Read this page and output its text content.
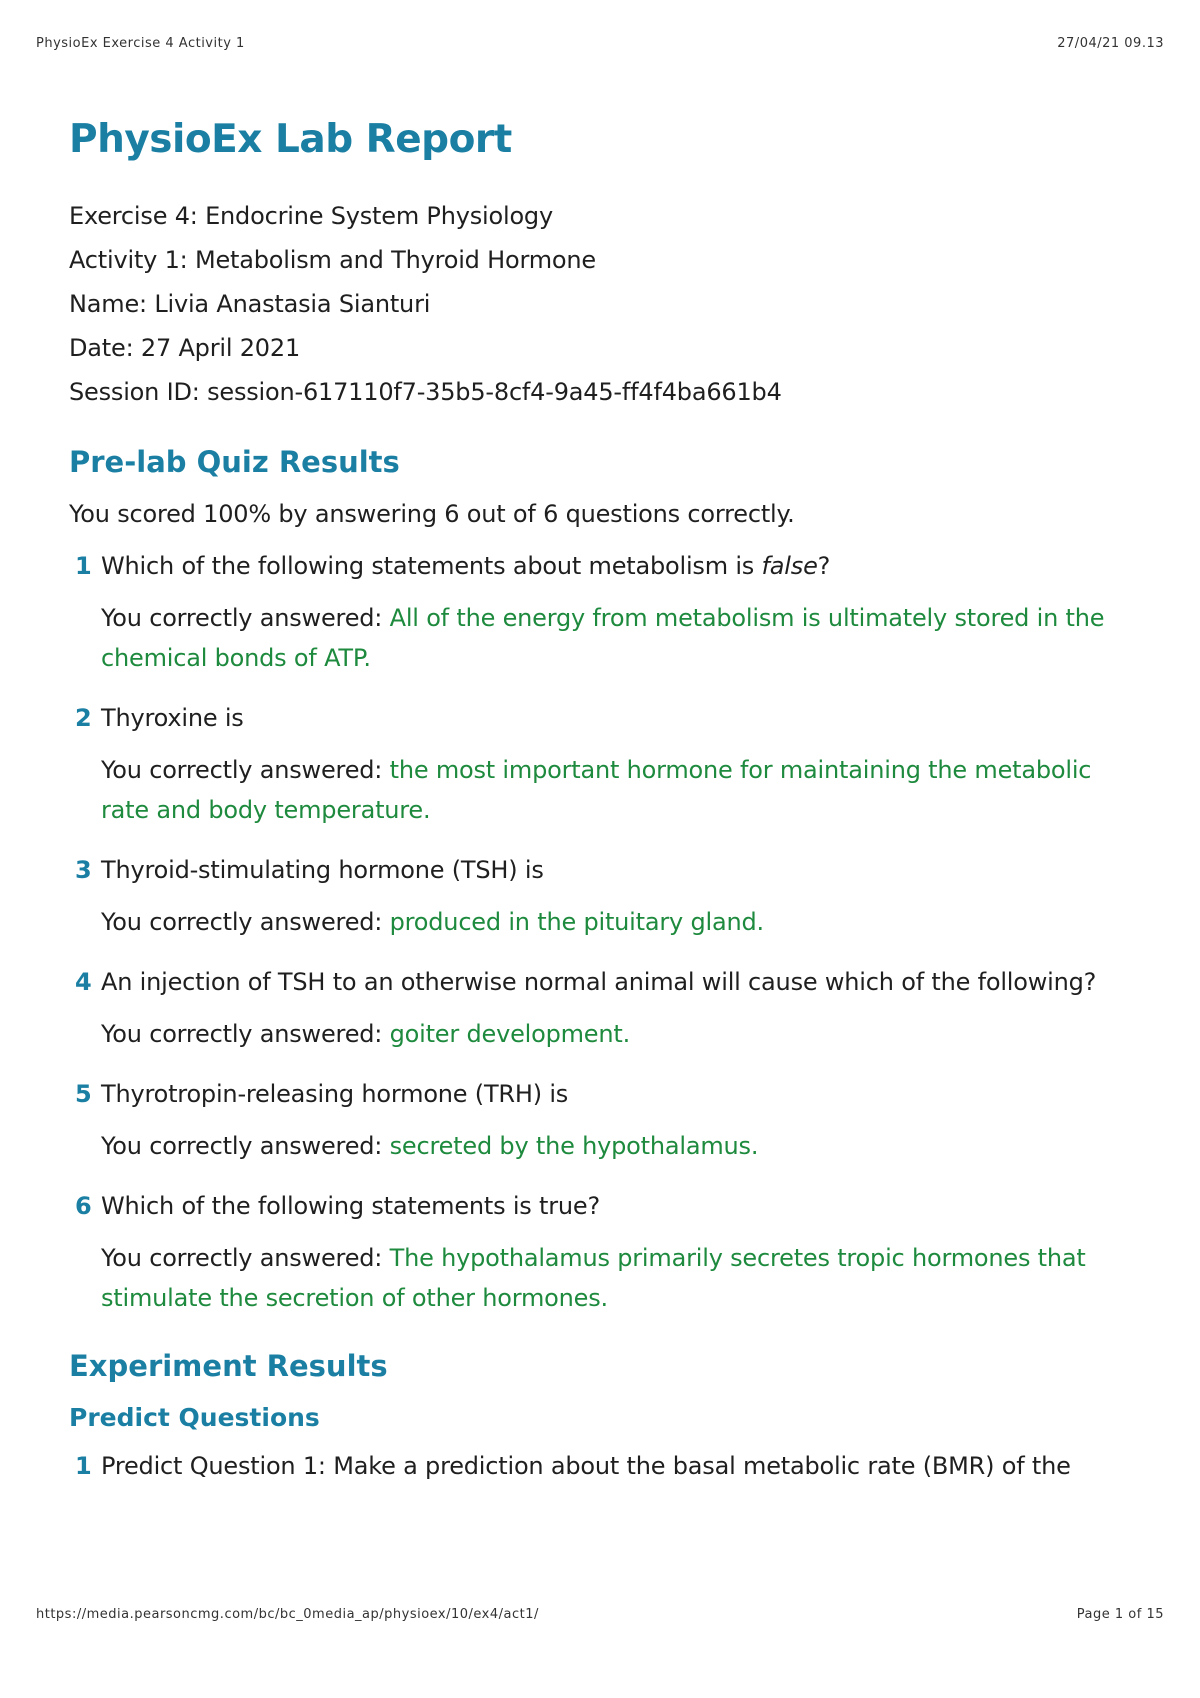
PhysioEx Exercise 4 Activity 1	27/04/21 09.13
PhysioEx Lab Report

Exercise 4: Endocrine System Physiology

Activity 1: Metabolism and Thyroid Hormone

Name: Livia Anastasia Sianturi

Date: 27 April 2021

Session ID: session-617110f7-35b5-8cf4-9a45-ff4f4ba661b4

Pre-lab Quiz Results

You scored 100% by answering 6 out of 6 questions correctly.

1 Which of the following statements about metabolism is false?
You correctly answered: All of the energy from metabolism is ultimately stored in the chemical bonds of ATP.
2 Thyroxine is
You correctly answered: the most important hormone for maintaining the metabolic rate and body temperature.
3 Thyroid-stimulating hormone (TSH) is
You correctly answered: produced in the pituitary gland.
4 An injection of TSH to an otherwise normal animal will cause which of the following?
You correctly answered: goiter development.
5 Thyrotropin-releasing hormone (TRH) is
You correctly answered: secreted by the hypothalamus.
6 Which of the following statements is true?
You correctly answered: The hypothalamus primarily secretes tropic hormones that stimulate the secretion of other hormones.
Experiment Results
Predict Questions
1 Predict Question 1: Make a prediction about the basal metabolic rate (BMR) of the
https://media.pearsoncmg.com/bc/bc_0media_ap/physioex/10/ex4/act1/	Page 1 of 15
